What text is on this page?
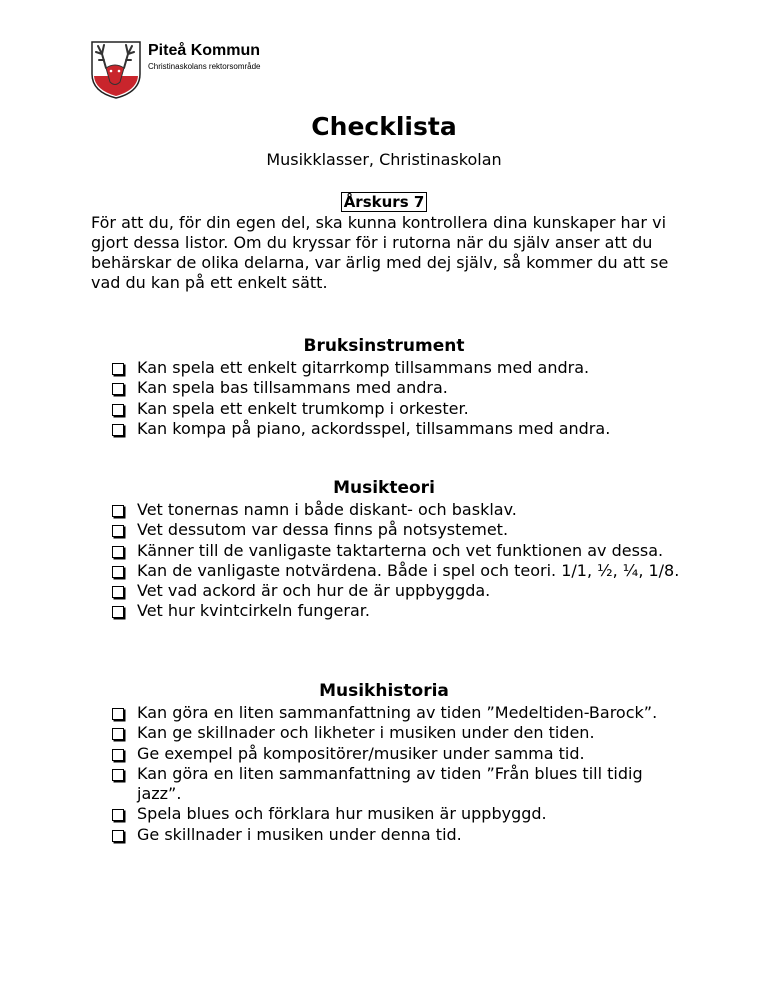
Piteå Kommun
Christinaskolans rektorsområde
Checklista
Musikklasser, Christinaskolan
Årskurs 7
För att du, för din egen del, ska kunna kontrollera dina kunskaper har vi gjort dessa listor. Om du kryssar för i rutorna när du själv anser att du behärskar de olika delarna, var ärlig med dej själv, så kommer du att se vad du kan på ett enkelt sätt.
Bruksinstrument
Kan spela ett enkelt gitarrkomp tillsammans med andra.
Kan spela bas tillsammans med andra.
Kan spela ett enkelt trumkomp i orkester.
Kan kompa på piano, ackordsspel, tillsammans med andra.
Musikteori
Vet tonernas namn i både diskant- och basklav.
Vet dessutom var dessa finns på notsystemet.
Känner till de vanligaste taktarterna och vet funktionen av dessa.
Kan de vanligaste notvärdena. Både i spel och teori. 1/1, ½, ¼, 1/8.
Vet vad ackord är och hur de är uppbyggda.
Vet hur kvintcirkeln fungerar.
Musikhistoria
Kan göra en liten sammanfattning av tiden ”Medeltiden-Barock”.
Kan ge skillnader och likheter i musiken under den tiden.
Ge exempel på kompositörer/musiker under samma tid.
Kan göra en liten sammanfattning av tiden ”Från blues till tidig jazz”.
Spela blues och förklara hur musiken är uppbyggd.
Ge skillnader i musiken under denna tid.
